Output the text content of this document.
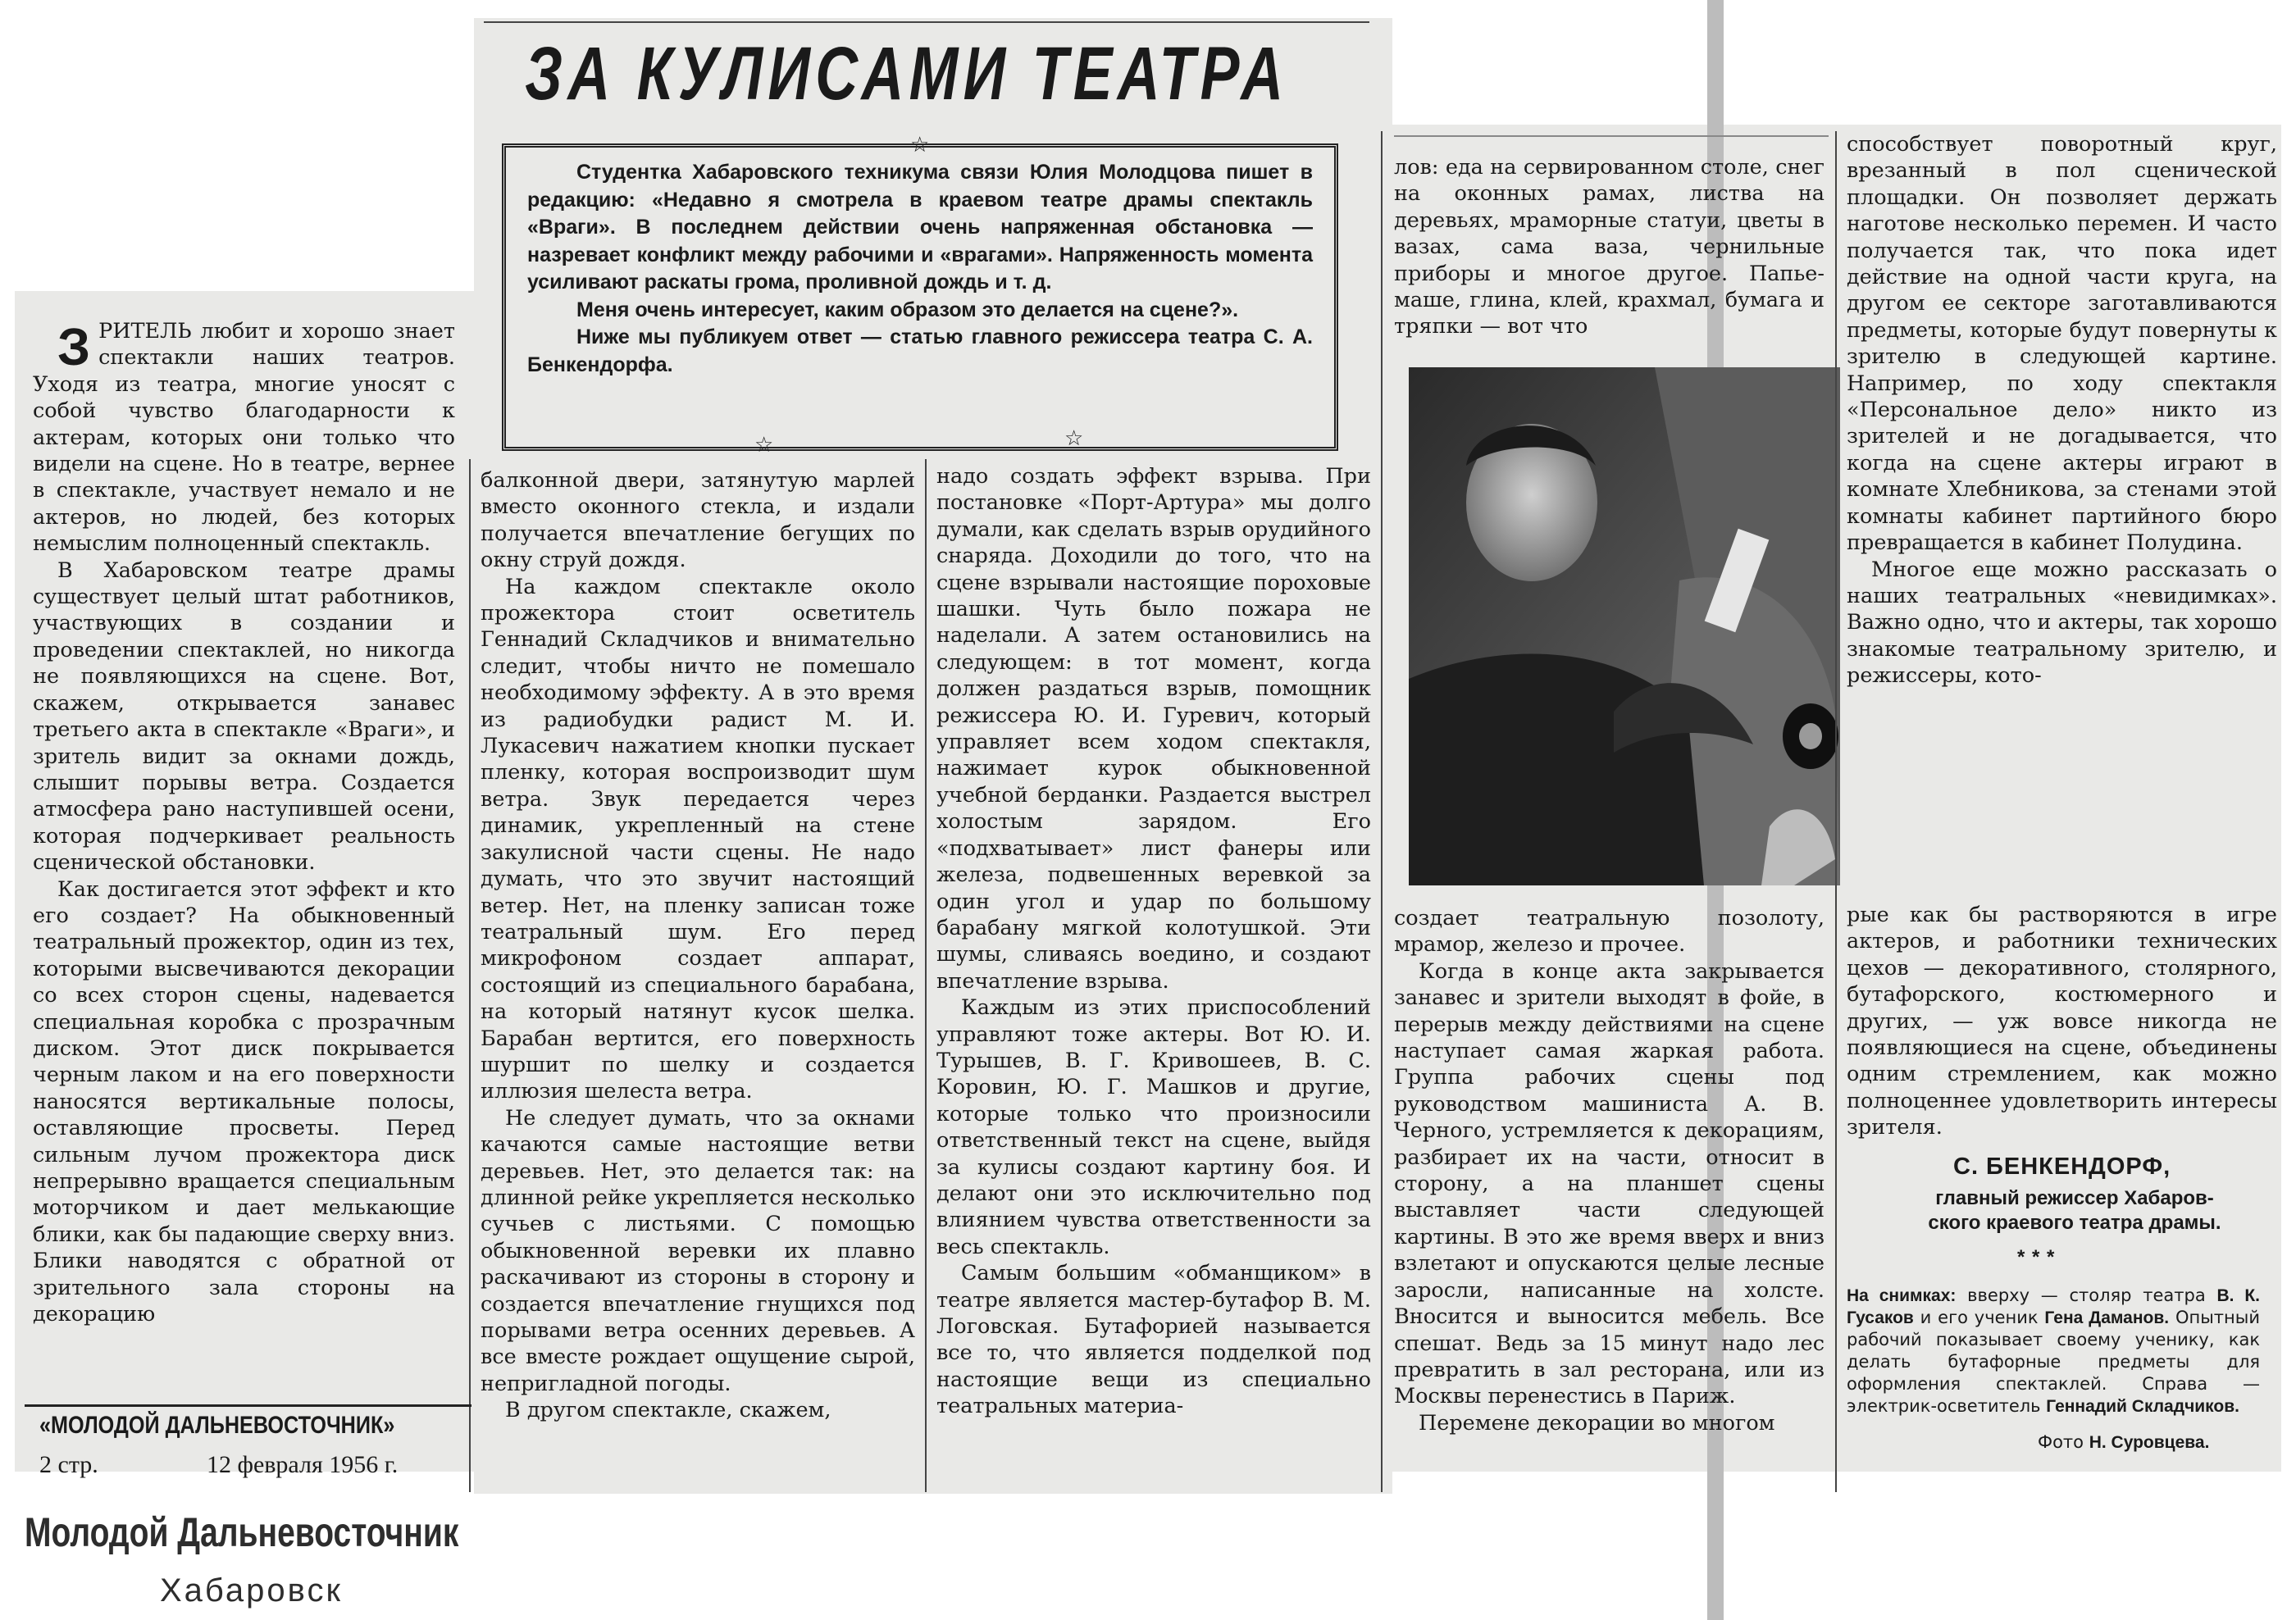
ЗА КУЛИСАМИ ТЕАТРА
☆

Студентка Хабаровского техникума связи Юлия Молодцова пишет в редакцию: «Недавно я смотрела в краевом театре драмы спектакль «Враги». В последнем действии очень напряженная обстановка — назревает конфликт между рабочими и «врагами». Напряженность момента усиливают раскаты грома, проливной дождь и т. д.

Меня очень интересует, каким образом это делается на сцене?».

Ниже мы публикуем ответ — статью главного режиссера театра С. А. Бенкендорфа.

☆	☆
З РИТЕЛЬ любит и хорошо знает спектакли наших театров. Уходя из театра, многие уносят с собой чувство благодарности к актерам, которых они только что видели на сцене. Но в театре, вернее в спектакле, участвует немало и не актеров, но людей, без которых немыслим полноценный спектакль.

В Хабаровском театре драмы существует целый штат работников, участвующих в создании и проведении спектаклей, но никогда не появляющихся на сцене. Вот, скажем, открывается занавес третьего акта в спектакле «Враги», и зритель видит за окнами дождь, слышит порывы ветра. Создается атмосфера рано наступившей осени, которая подчеркивает реальность сценической обстановки.

Как достигается этот эффект и кто его создает? На обыкновенный театральный прожектор, один из тех, которыми высвечиваются декорации со всех сторон сцены, надевается специальная коробка с прозрачным диском. Этот диск покрывается черным лаком и на его поверхности наносятся вертикальные полосы, оставляющие просветы. Перед сильным лучом прожектора диск непрерывно вращается специальным моторчиком и дает мелькающие блики, как бы падающие сверху вниз. Блики наводятся с обратной от зрительного зала стороны на декорацию

балконной двери, затянутую марлей вместо оконного стекла, и издали получается впечатление бегущих по окну струй дождя.

На каждом спектакле около прожектора стоит осветитель Геннадий Складчиков и внимательно следит, чтобы ничто не помешало необходимому эффекту. А в это время из радиобудки радист М. И. Лукасевич нажатием кнопки пускает пленку, которая воспроизводит шум ветра. Звук передается через динамик, укрепленный на стене закулисной части сцены. Не надо думать, что это звучит настоящий ветер. Нет, на пленку записан тоже театральный шум. Его перед микрофоном создает аппарат, состоящий из специального барабана, на который натянут кусок шелка. Барабан вертится, его поверхность шуршит по шелку и создается иллюзия шелеста ветра.

Не следует думать, что за окнами качаются самые настоящие ветви деревьев. Нет, это делается так: на длинной рейке укрепляется несколько сучьев с листьями. С помощью обыкновенной веревки их плавно раскачивают из стороны в сторону и создается впечатление гнущихся под порывами ветра осенних деревьев. А все вместе рождает ощущение сырой, непригладной погоды.

В другом спектакле, скажем,

надо создать эффект взрыва. При постановке «Порт-Артура» мы долго думали, как сделать взрыв орудийного снаряда. Доходили до того, что на сцене взрывали настоящие пороховые шашки. Чуть было пожара не наделали. А затем остановились на следующем: в тот момент, когда должен раздаться взрыв, помощник режиссера Ю. И. Гуревич, который управляет всем ходом спектакля, нажимает курок обыкновенной учебной берданки. Раздается выстрел холостым зарядом. Его «подхватывает» лист фанеры или железа, подвешенных веревкой за один угол и удар по большому барабану мягкой колотушкой. Эти шумы, сливаясь воедино, и создают впечатление взрыва.

Каждым из этих приспособлений управляют тоже актеры. Вот Ю. И. Турышев, В. Г. Кривошеев, В. С. Коровин, Ю. Г. Машков и другие, которые только что произносили ответственный текст на сцене, выйдя за кулисы создают картину боя. И делают они это исключительно под влиянием чувства ответственности за весь спектакль.

Самым большим «обманщиком» в театре является мастер-бутафор В. М. Логовская. Бутафорией называется все то, что является подделкой под настоящие вещи из специально театральных материа-

лов: еда на сервированном столе, снег на оконных рамах, листва на деревьях, мраморные статуи, цветы в вазах, сама ваза, чернильные приборы и многое другое. Папье-маше, глина, клей, крахмал, бумага и тряпки — вот что

создает театральную позолоту, мрамор, железо и прочее.

Когда в конце акта закрывается занавес и зрители выходят в фойе, в перерыв между действиями на сцене наступает самая жаркая работа. Группа рабочих сцены под руководством машиниста А. В. Черного, устремляется к декорациям, разбирает их на части, относит в сторону, а на планшет сцены выставляет части следующей картины. В это же время вверх и вниз взлетают и опускаются целые лесные заросли, написанные на холсте. Вносится и выносится мебель. Все спешат. Ведь за 15 минут надо лес превратить в зал ресторана, или из Москвы перенестись в Париж.

Перемене декорации во многом

способствует поворотный круг, врезанный в пол сценической площадки. Он позволяет держать наготове несколько перемен. И часто получается так, что пока идет действие на одной части круга, на другом ее секторе заготавливаются предметы, которые будут повернуты к зрителю в следующей картине. Например, по ходу спектакля «Персональное дело» никто из зрителей и не догадывается, что когда на сцене актеры играют в комнате Хлебникова, за стенами этой комнаты кабинет партийного бюро превращается в кабинет Полудина.

Многое еще можно рассказать о наших театральных «невидимках». Важно одно, что и актеры, так хорошо знакомые театральному зрителю, и режиссеры, кото-

рые как бы растворяются в игре актеров, и работники технических цехов — декоративного, столярного, бутафорского, костюмерного и других, — уж вовсе никогда не появляющиеся на сцене, объединены одним стремлением, как можно полноценнее удовлетворить интересы зрителя.

С. БЕНКЕНДОРФ,
главный режиссер Хабаров-
ского краевого театра драмы.
* * *
На снимках: вверху — столяр театра В. К. Гусаков и его ученик Гена Даманов. Опытный рабочий показывает своему ученику, как делать бутафорные предметы для оформления спектаклей. Справа — электрик-осветитель Геннадий Складчиков.
Фото Н. Суровцева.
«МОЛОДОЙ ДАЛЬНЕВОСТОЧНИК»
2 стр.	12 февраля 1956 г.
Молодой Дальневосточник
Хабаровск
